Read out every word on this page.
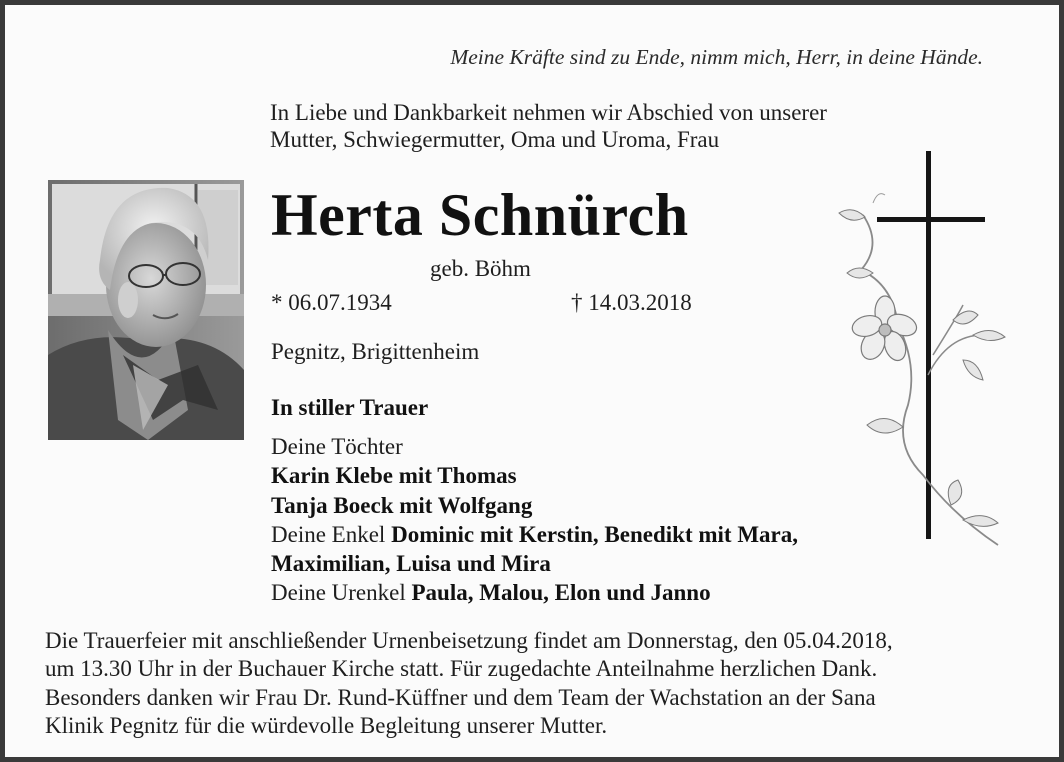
Meine Kräfte sind zu Ende, nimm mich, Herr, in deine Hände.
In Liebe und Dankbarkeit nehmen wir Abschied von unserer
Mutter, Schwiegermutter, Oma und Uroma, Frau
Herta Schnürch
geb. Böhm
* 06.07.1934	† 14.03.2018
Pegnitz, Brigittenheim
In stiller Trauer
Deine Töchter
Karin Klebe mit Thomas
Tanja Boeck mit Wolfgang
Deine Enkel Dominic mit Kerstin, Benedikt mit Mara,
Maximilian, Luisa und Mira
Deine Urenkel Paula, Malou, Elon und Janno
Die Trauerfeier mit anschließender Urnenbeisetzung findet am Donnerstag, den 05.04.2018,
um 13.30 Uhr in der Buchauer Kirche statt. Für zugedachte Anteilnahme herzlichen Dank.
Besonders danken wir Frau Dr. Rund-Küffner und dem Team der Wachstation an der Sana
Klinik Pegnitz für die würdevolle Begleitung unserer Mutter.
